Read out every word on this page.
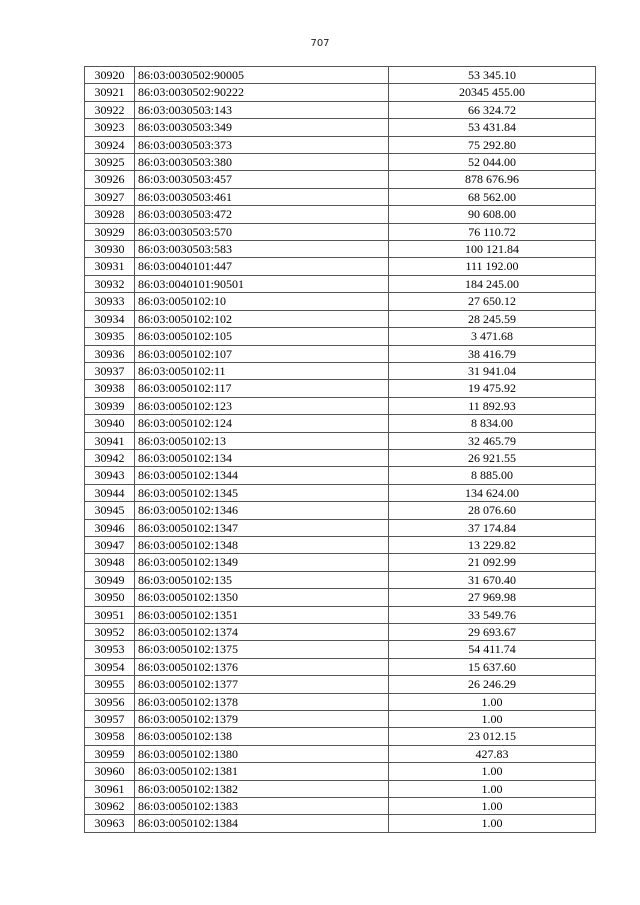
707
30920	86:03:0030502:90005	53 345.10
30921	86:03:0030502:90222	20345 455.00
30922	86:03:0030503:143	66 324.72
30923	86:03:0030503:349	53 431.84
30924	86:03:0030503:373	75 292.80
30925	86:03:0030503:380	52 044.00
30926	86:03:0030503:457	878 676.96
30927	86:03:0030503:461	68 562.00
30928	86:03:0030503:472	90 608.00
30929	86:03:0030503:570	76 110.72
30930	86:03:0030503:583	100 121.84
30931	86:03:0040101:447	111 192.00
30932	86:03:0040101:90501	184 245.00
30933	86:03:0050102:10	27 650.12
30934	86:03:0050102:102	28 245.59
30935	86:03:0050102:105	3 471.68
30936	86:03:0050102:107	38 416.79
30937	86:03:0050102:11	31 941.04
30938	86:03:0050102:117	19 475.92
30939	86:03:0050102:123	11 892.93
30940	86:03:0050102:124	8 834.00
30941	86:03:0050102:13	32 465.79
30942	86:03:0050102:134	26 921.55
30943	86:03:0050102:1344	8 885.00
30944	86:03:0050102:1345	134 624.00
30945	86:03:0050102:1346	28 076.60
30946	86:03:0050102:1347	37 174.84
30947	86:03:0050102:1348	13 229.82
30948	86:03:0050102:1349	21 092.99
30949	86:03:0050102:135	31 670.40
30950	86:03:0050102:1350	27 969.98
30951	86:03:0050102:1351	33 549.76
30952	86:03:0050102:1374	29 693.67
30953	86:03:0050102:1375	54 411.74
30954	86:03:0050102:1376	15 637.60
30955	86:03:0050102:1377	26 246.29
30956	86:03:0050102:1378	1.00
30957	86:03:0050102:1379	1.00
30958	86:03:0050102:138	23 012.15
30959	86:03:0050102:1380	427.83
30960	86:03:0050102:1381	1.00
30961	86:03:0050102:1382	1.00
30962	86:03:0050102:1383	1.00
30963	86:03:0050102:1384	1.00
